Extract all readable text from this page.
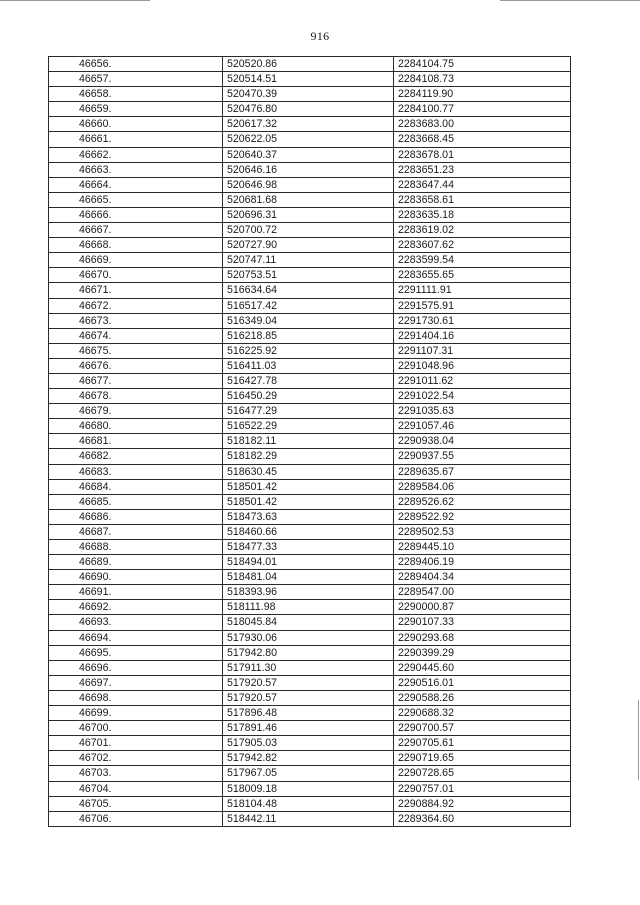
916
46656.	520520.86	2284104.75
46657.	520514.51	2284108.73
46658.	520470.39	2284119.90
46659.	520476.80	2284100.77
46660.	520617.32	2283683.00
46661.	520622.05	2283668.45
46662.	520640.37	2283678.01
46663.	520646.16	2283651.23
46664.	520646.98	2283647.44
46665.	520681.68	2283658.61
46666.	520696.31	2283635.18
46667.	520700.72	2283619.02
46668.	520727.90	2283607.62
46669.	520747.11	2283599.54
46670.	520753.51	2283655.65
46671.	516634.64	2291111.91
46672.	516517.42	2291575.91
46673.	516349.04	2291730.61
46674.	516218.85	2291404.16
46675.	516225.92	2291107.31
46676.	516411.03	2291048.96
46677.	516427.78	2291011.62
46678.	516450.29	2291022.54
46679.	516477.29	2291035.63
46680.	516522.29	2291057.46
46681.	518182.11	2290938.04
46682.	518182.29	2290937.55
46683.	518630.45	2289635.67
46684.	518501.42	2289584.06
46685.	518501.42	2289526.62
46686.	518473.63	2289522.92
46687.	518460.66	2289502.53
46688.	518477.33	2289445.10
46689.	518494.01	2289406.19
46690.	518481.04	2289404.34
46691.	518393.96	2289547.00
46692.	518111.98	2290000.87
46693.	518045.84	2290107.33
46694.	517930.06	2290293.68
46695.	517942.80	2290399.29
46696.	517911.30	2290445.60
46697.	517920.57	2290516.01
46698.	517920.57	2290588.26
46699.	517896.48	2290688.32
46700.	517891.46	2290700.57
46701.	517905.03	2290705.61
46702.	517942.82	2290719.65
46703.	517967.05	2290728.65
46704.	518009.18	2290757.01
46705.	518104.48	2290884.92
46706.	518442.11	2289364.60
